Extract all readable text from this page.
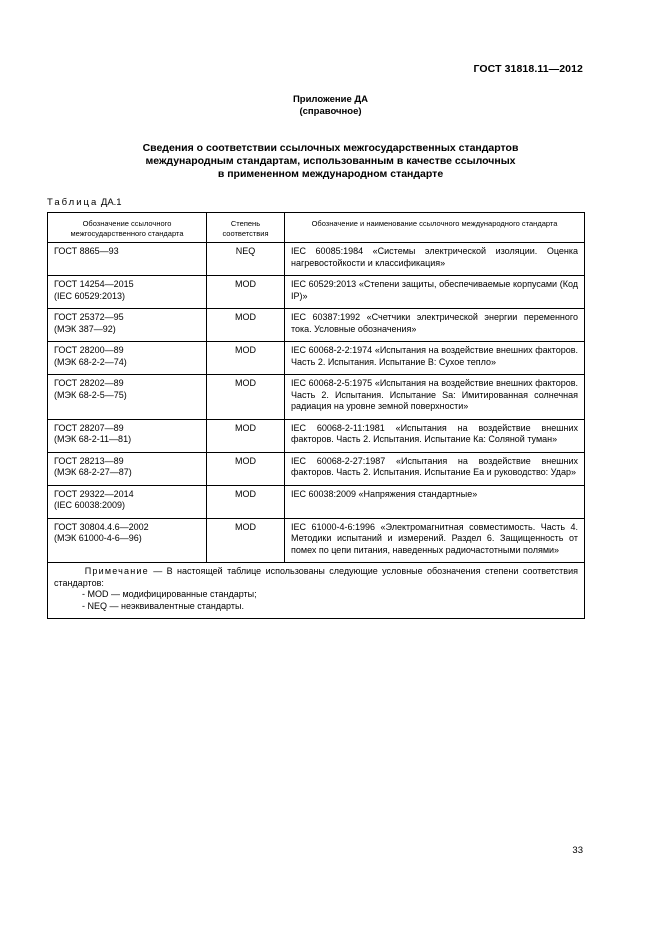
ГОСТ 31818.11—2012
Приложение ДА
(справочное)
Сведения о соответствии ссылочных межгосударственных стандартов
международным стандартам, использованным в качестве ссылочных
в примененном международном стандарте
Таблица ДА.1
Обозначение ссылочного межгосударственного стандарта	Степень соответствия	Обозначение и наименование ссылочного международного стандарта
ГОСТ 8865—93	NEQ	IEC 60085:1984 «Системы электрической изоляции. Оценка нагревостойкости и классификация»

ГОСТ 14254—2015
(IEC 60529:2013)	MOD	IEC 60529:2013 «Степени защиты, обеспечиваемые корпусами (Код IP)»

ГОСТ 25372—95
(МЭК 387—92)	MOD	IEC 60387:1992 «Счетчики электрической энергии переменного тока. Условные обозначения»

ГОСТ 28200—89
(МЭК 68-2-2—74)	MOD	IEC 60068-2-2:1974 «Испытания на воздействие внешних факторов. Часть 2. Испытания. Испытание В: Сухое тепло»

ГОСТ 28202—89
(МЭК 68-2-5—75)	MOD	IEC 60068-2-5:1975 «Испытания на воздействие внешних факторов. Часть 2. Испытания. Испытание Sa: Имитированная солнечная радиация на уровне земной поверхности»

ГОСТ 28207—89
(МЭК 68-2-11—81)	MOD	IEC 60068-2-11:1981 «Испытания на воздействие внешних факторов. Часть 2. Испытания. Испытание Ка: Соляной туман»

ГОСТ 28213—89
(МЭК 68-2-27—87)	MOD	IEC 60068-2-27:1987 «Испытания на воздействие внешних факторов. Часть 2. Испытания. Испытание Еа и руководство: Удар»

ГОСТ 29322—2014
(IEC 60038:2009)	MOD	IEC 60038:2009 «Напряжения стандартные»

ГОСТ 30804.4.6—2002
(МЭК 61000-4-6—96)	MOD	IEC 61000-4-6:1996 «Электромагнитная совместимость. Часть 4. Методики испытаний и измерений. Раздел 6. Защищенность от помех по цепи питания, наведенных радиочастотными полями»

Примечание — В настоящей таблице использованы следующие условные обозначения степени соответствия стандартов:
- MOD — модифицированные стандарты;
- NEQ — неэквивалентные стандарты.		
33
